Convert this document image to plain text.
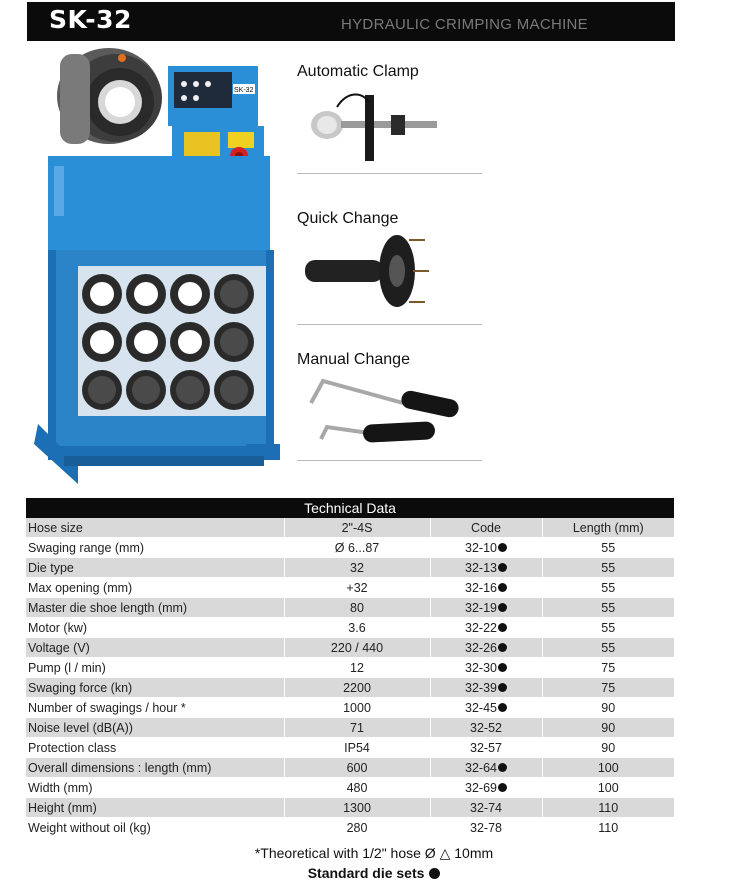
SK-32	HYDRAULIC CRIMPING MACHINE
SK-32
Automatic Clamp
Quick Change
Manual Change
Technical Data			
Hose size	2"-4S	Code	Length (mm)
Swaging range (mm)	Ø 6...87	32-10	55
Die type	32	32-13	55
Max opening (mm)	+32	32-16	55
Master die shoe length (mm)	80	32-19	55
Motor (kw)	3.6	32-22	55
Voltage (V)	220 / 440	32-26	55
Pump (l / min)	12	32-30	75
Swaging force (kn)	2200	32-39	75
Number of swagings / hour *	1000	32-45	90
Noise level (dB(A))	71	32-52	90
Protection class	IP54	32-57	90
Overall dimensions : length (mm)	600	32-64	100
Width (mm)	480	32-69	100
Height (mm)	1300	32-74	110
Weight without oil (kg)	280	32-78	110
*Theoretical with 1/2" hose Ø △ 10mm
Standard die sets
